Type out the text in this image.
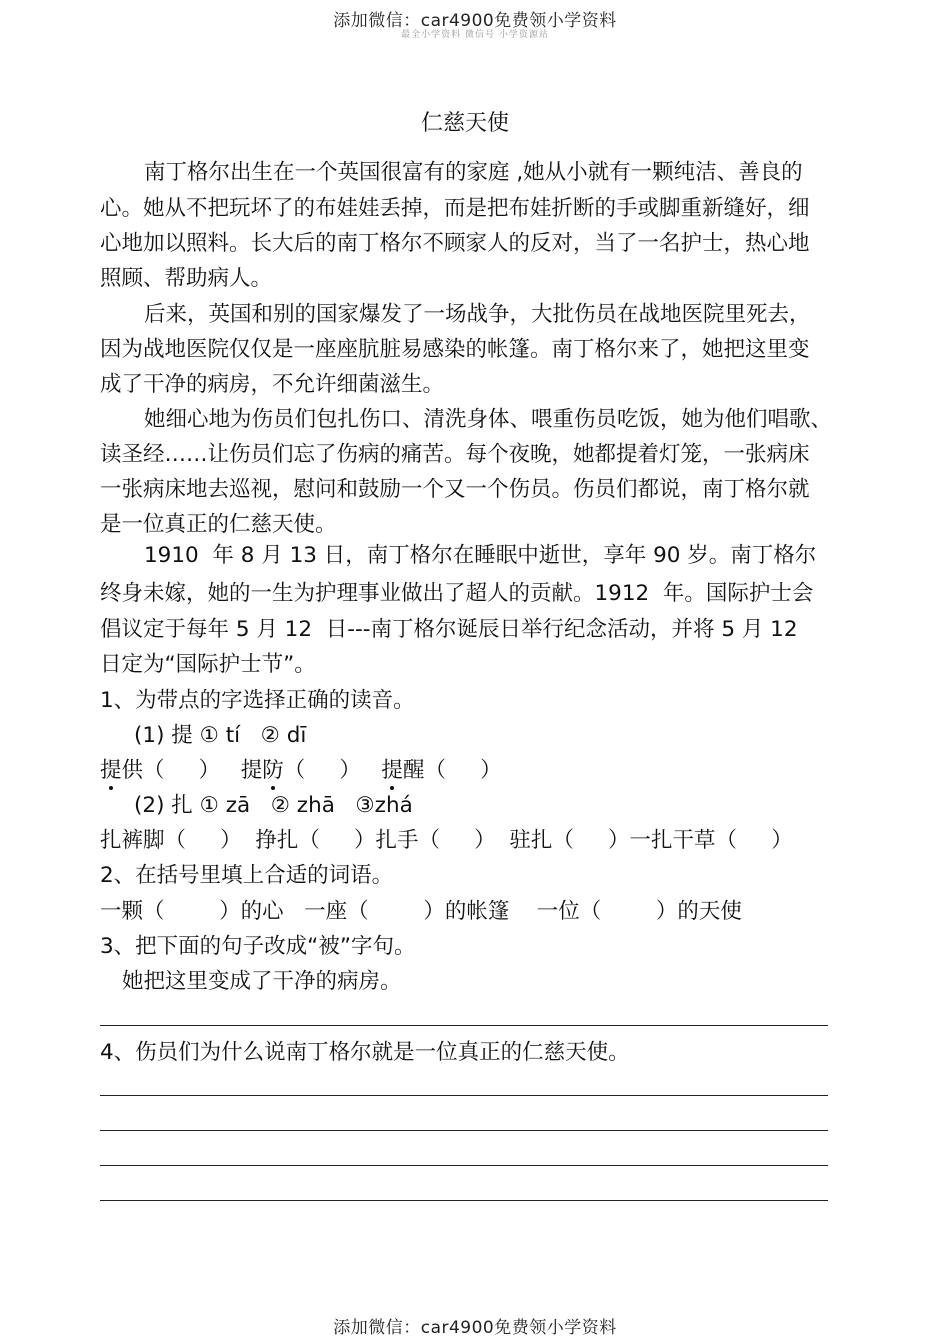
添加微信：car4900免费领小学资料
最全小学资料 微信号 小学资源站
仁慈天使
南丁格尔出生在一个英国很富有的家庭 ,她从小就有一颗纯洁、善良的
心。她从不把玩坏了的布娃娃丢掉，而是把布娃折断的手或脚重新缝好，细
心地加以照料。长大后的南丁格尔不顾家人的反对，当了一名护士，热心地
照顾、帮助病人。
后来，英国和别的国家爆发了一场战争，大批伤员在战地医院里死去，
因为战地医院仅仅是一座座肮脏易感染的帐篷。南丁格尔来了，她把这里变
成了干净的病房，不允许细菌滋生。
她细心地为伤员们包扎伤口、清洗身体、喂重伤员吃饭，她为他们唱歌、
读圣经……让伤员们忘了伤病的痛苦。每个夜晚，她都提着灯笼，一张病床
一张病床地去巡视，慰问和鼓励一个又一个伤员。伤员们都说，南丁格尔就
是一位真正的仁慈天使。
1910  年 8 月 13 日，南丁格尔在睡眠中逝世，享年 90 岁。南丁格尔
终身未嫁，她的一生为护理事业做出了超人的贡献。1912  年。国际护士会
倡议定于每年 5 月 12  日---南丁格尔诞辰日举行纪念活动，并将 5 月 12
日定为“国际护士节”。
1、为带点的字选择正确的读音。
(1) 提 ① tí   ② dī
提供（     ） 提防（     ） 提醒（     ）
(2) 扎 ① zā   ② zhā   ③zhá
扎裤脚（     ）  挣扎（     ）扎手（     ）  驻扎（     ）一扎干草（     ）
2、在括号里填上合适的词语。
一颗（        ）的心   一座（        ）的帐篷    一位（        ）的天使
3、把下面的句子改成“被”字句。
她把这里变成了干净的病房。
4、伤员们为什么说南丁格尔就是一位真正的仁慈天使。
添加微信：car4900免费领小学资料
